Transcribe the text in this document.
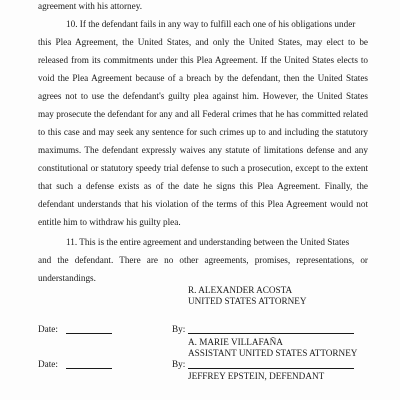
agreement with his attorney.
10. If the defendant fails in any way to fulfill each one of his obligations under
this Plea Agreement, the United States, and only the United States, may elect to be
released from its commitments under this Plea Agreement. If the United States elects to
void the Plea Agreement because of a breach by the defendant, then the United States
agrees not to use the defendant's guilty plea against him. However, the United States
may prosecute the defendant for any and all Federal crimes that he has committed related
to this case and may seek any sentence for such crimes up to and including the statutory
maximums. The defendant expressly waives any statute of limitations defense and any
constitutional or statutory speedy trial defense to such a prosecution, except to the extent
that such a defense exists as of the date he signs this Plea Agreement. Finally, the
defendant understands that his violation of the terms of this Plea Agreement would not
entitle him to withdraw his guilty plea.
11. This is the entire agreement and understanding between the United States
and the defendant. There are no other agreements, promises, representations, or
understandings.
R. ALEXANDER ACOSTA
UNITED STATES ATTORNEY
Date:	By:
A. MARIE VILLAFAÑA
ASSISTANT UNITED STATES ATTORNEY
Date:	By:
JEFFREY EPSTEIN, DEFENDANT
